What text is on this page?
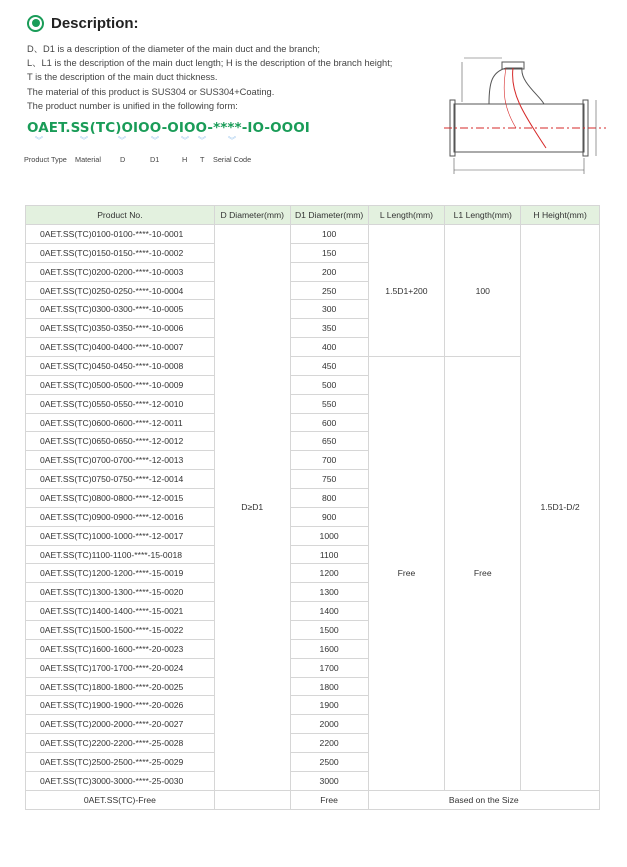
Description:
D、D1 is a description of the diameter of the main duct and the branch;
L、L1 is the description of the main duct length; H is the description of the branch height;
T is the description of the main duct thickness.
The material of this product is SUS304 or SUS304+Coating.
The product number is unified in the following form:
OAET.SS(TC)OIOO-OIOO-****-IO-OOOI
︾	︾	︾	︾	︾ ︾	︾
Product Type Material	D	D1	H T Serial Code
Product No.	D Diameter(mm)	D1 Diameter(mm)	L Length(mm)	L1 Length(mm)	H Height(mm)
0AET.SS(TC)0100-0100-****-10-0001	D≥D1	100	1.5D1+200	100	1.5D1-D/2
0AET.SS(TC)0150-0150-****-10-0002		150			
0AET.SS(TC)0200-0200-****-10-0003		200			
0AET.SS(TC)0250-0250-****-10-0004		250			
0AET.SS(TC)0300-0300-****-10-0005		300			
0AET.SS(TC)0350-0350-****-10-0006		350			
0AET.SS(TC)0400-0400-****-10-0007		400			
0AET.SS(TC)0450-0450-****-10-0008		450	Free	Free	
0AET.SS(TC)0500-0500-****-10-0009		500			
0AET.SS(TC)0550-0550-****-12-0010		550			
0AET.SS(TC)0600-0600-****-12-0011		600			
0AET.SS(TC)0650-0650-****-12-0012		650			
0AET.SS(TC)0700-0700-****-12-0013		700			
0AET.SS(TC)0750-0750-****-12-0014		750			
0AET.SS(TC)0800-0800-****-12-0015		800			
0AET.SS(TC)0900-0900-****-12-0016		900			
0AET.SS(TC)1000-1000-****-12-0017		1000			
0AET.SS(TC)1100-1100-****-15-0018		1100			
0AET.SS(TC)1200-1200-****-15-0019		1200			
0AET.SS(TC)1300-1300-****-15-0020		1300			
0AET.SS(TC)1400-1400-****-15-0021		1400			
0AET.SS(TC)1500-1500-****-15-0022		1500			
0AET.SS(TC)1600-1600-****-20-0023		1600			
0AET.SS(TC)1700-1700-****-20-0024		1700			
0AET.SS(TC)1800-1800-****-20-0025		1800			
0AET.SS(TC)1900-1900-****-20-0026		1900			
0AET.SS(TC)2000-2000-****-20-0027		2000			
0AET.SS(TC)2200-2200-****-25-0028		2200			
0AET.SS(TC)2500-2500-****-25-0029		2500			
0AET.SS(TC)3000-3000-****-25-0030		3000			
0AET.SS(TC)-Free		Free	Based on the Size		
